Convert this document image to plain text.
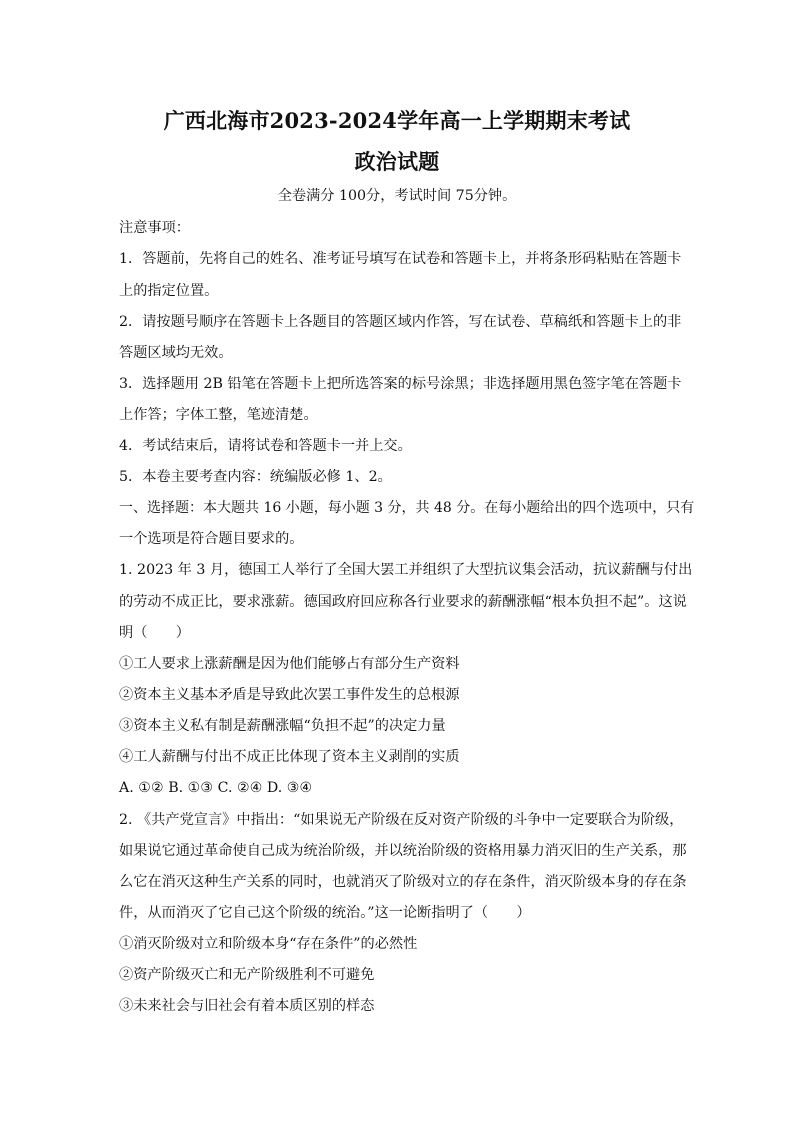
广西北海市2023-2024学年高一上学期期末考试
政治试题
全卷满分 100分，考试时间 75分钟。
注意事项：
1．答题前，先将自己的姓名、准考证号填写在试卷和答题卡上，并将条形码粘贴在答题卡
上的指定位置。
2．请按题号顺序在答题卡上各题目的答题区域内作答，写在试卷、草稿纸和答题卡上的非
答题区域均无效。
3．选择题用 2B 铅笔在答题卡上把所选答案的标号涂黑；非选择题用黑色签字笔在答题卡
上作答；字体工整，笔迹清楚。
4．考试结束后，请将试卷和答题卡一并上交。
5．本卷主要考查内容：统编版必修 1、2。
一、选择题：本大题共 16 小题，每小题 3 分，共 48 分。在每小题给出的四个选项中，只有
一个选项是符合题目要求的。
1. 2023 年 3 月，德国工人举行了全国大罢工并组织了大型抗议集会活动，抗议薪酬与付出
的劳动不成正比，要求涨薪。德国政府回应称各行业要求的薪酬涨幅“根本负担不起”。这说
明（　　）
①工人要求上涨薪酬是因为他们能够占有部分生产资料
②资本主义基本矛盾是导致此次罢工事件发生的总根源
③资本主义私有制是薪酬涨幅“负担不起”的决定力量
④工人薪酬与付出不成正比体现了资本主义剥削的实质
A. ①② B. ①③ C. ②④ D. ③④
2. 《共产党宣言》中指出：“如果说无产阶级在反对资产阶级的斗争中一定要联合为阶级，
如果说它通过革命使自己成为统治阶级，并以统治阶级的资格用暴力消灭旧的生产关系，那
么它在消灭这种生产关系的同时，也就消灭了阶级对立的存在条件，消灭阶级本身的存在条
件，从而消灭了它自己这个阶级的统治。”这一论断指明了（　　）
①消灭阶级对立和阶级本身“存在条件”的必然性
②资产阶级灭亡和无产阶级胜利不可避免
③未来社会与旧社会有着本质区别的样态
